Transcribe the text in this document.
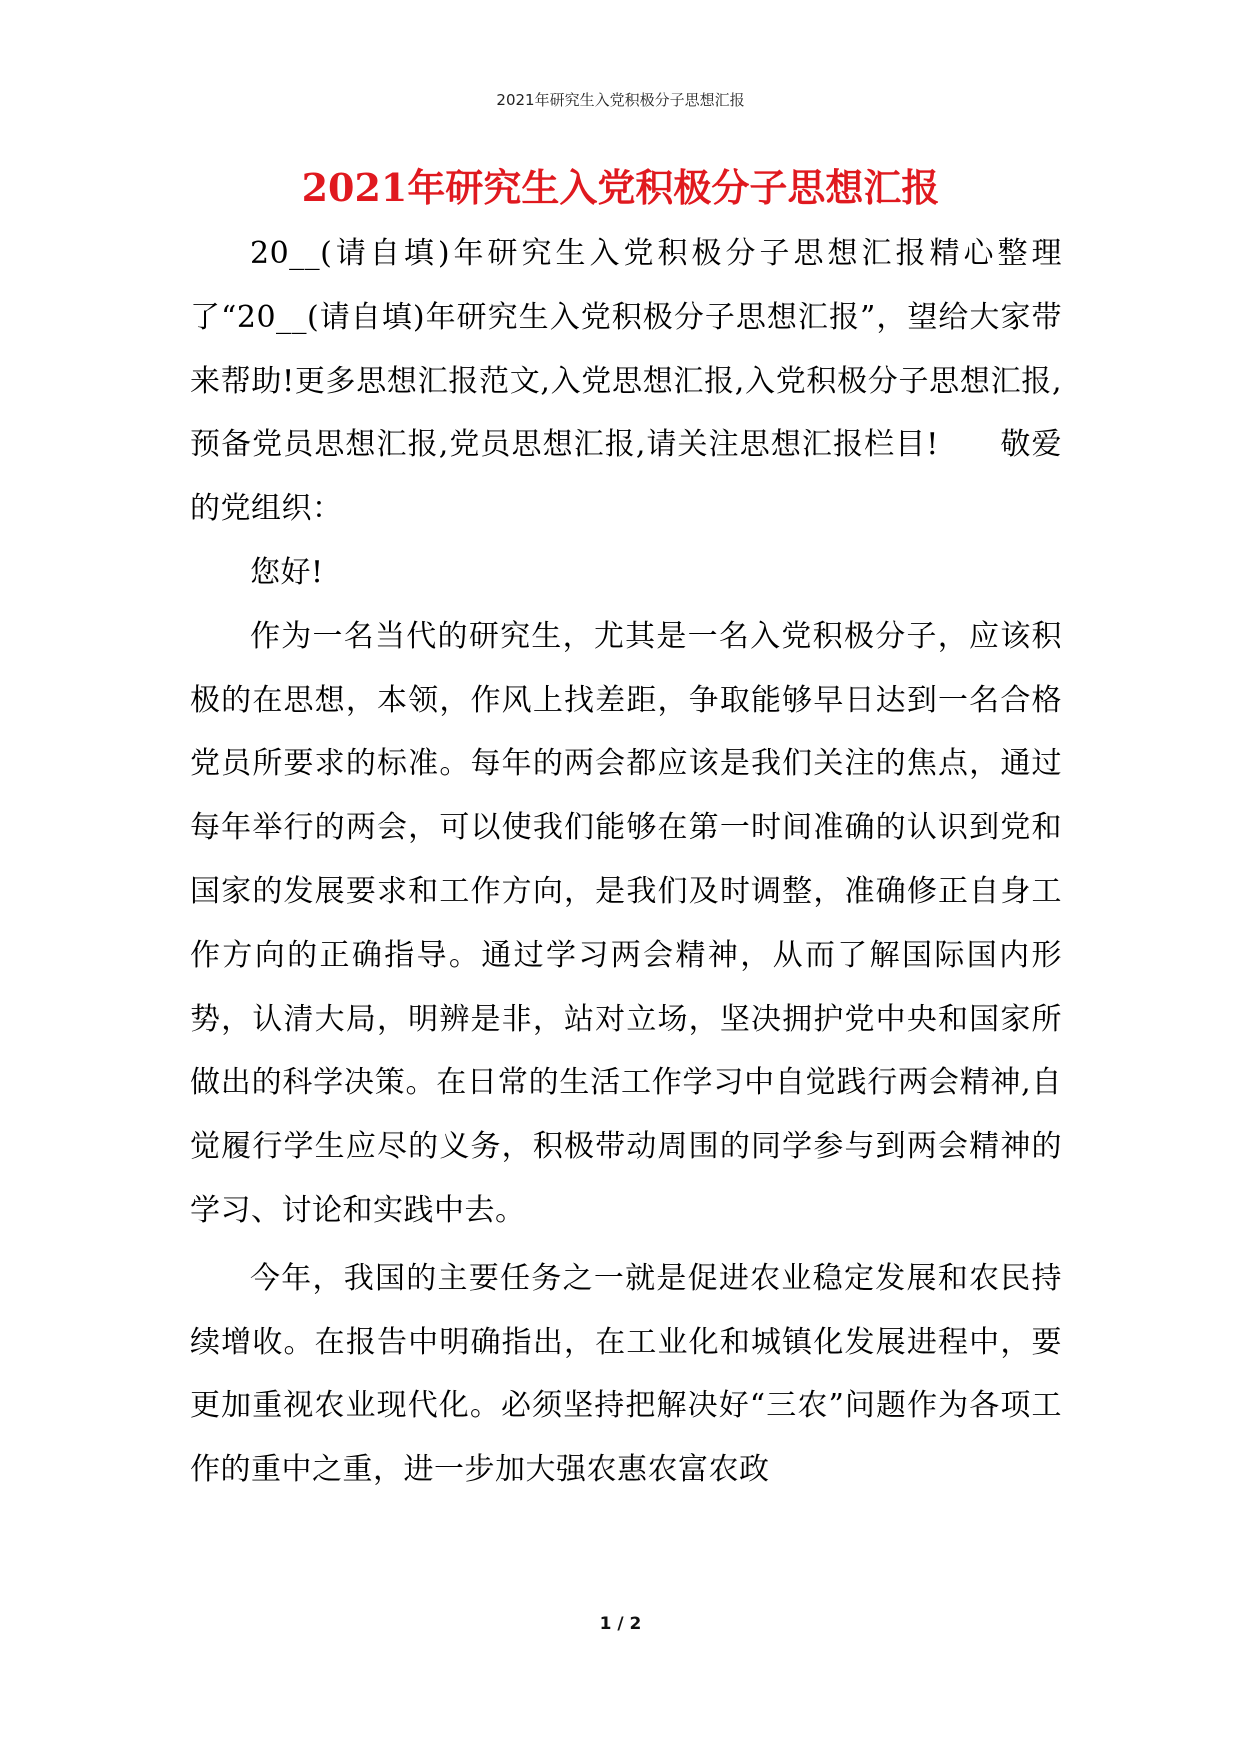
2021年研究生入党积极分子思想汇报
2021年研究生入党积极分子思想汇报

20__(请自填)年研究生入党积极分子思想汇报精心整理了“20__(请自填)年研究生入党积极分子思想汇报”，望给大家带来帮助!更多思想汇报范文,入党思想汇报,入党积极分子思想汇报,预备党员思想汇报,党员思想汇报,请关注思想汇报栏目!   敬爱的党组织：

您好!

作为一名当代的研究生，尤其是一名入党积极分子，应该积极的在思想，本领，作风上找差距，争取能够早日达到一名合格党员所要求的标准。每年的两会都应该是我们关注的焦点，通过每年举行的两会，可以使我们能够在第一时间准确的认识到党和国家的发展要求和工作方向，是我们及时调整，准确修正自身工作方向的正确指导。通过学习两会精神，从而了解国际国内形势，认清大局，明辨是非，站对立场，坚决拥护党中央和国家所做出的科学决策。在日常的生活工作学习中自觉践行两会精神,自觉履行学生应尽的义务，积极带动周围的同学参与到两会精神的学习、讨论和实践中去。

今年，我国的主要任务之一就是促进农业稳定发展和农民持续增收。在报告中明确指出，在工业化和城镇化发展进程中，要更加重视农业现代化。必须坚持把解决好“三农”问题作为各项工作的重中之重，进一步加大强农惠农富农政

1 / 2
